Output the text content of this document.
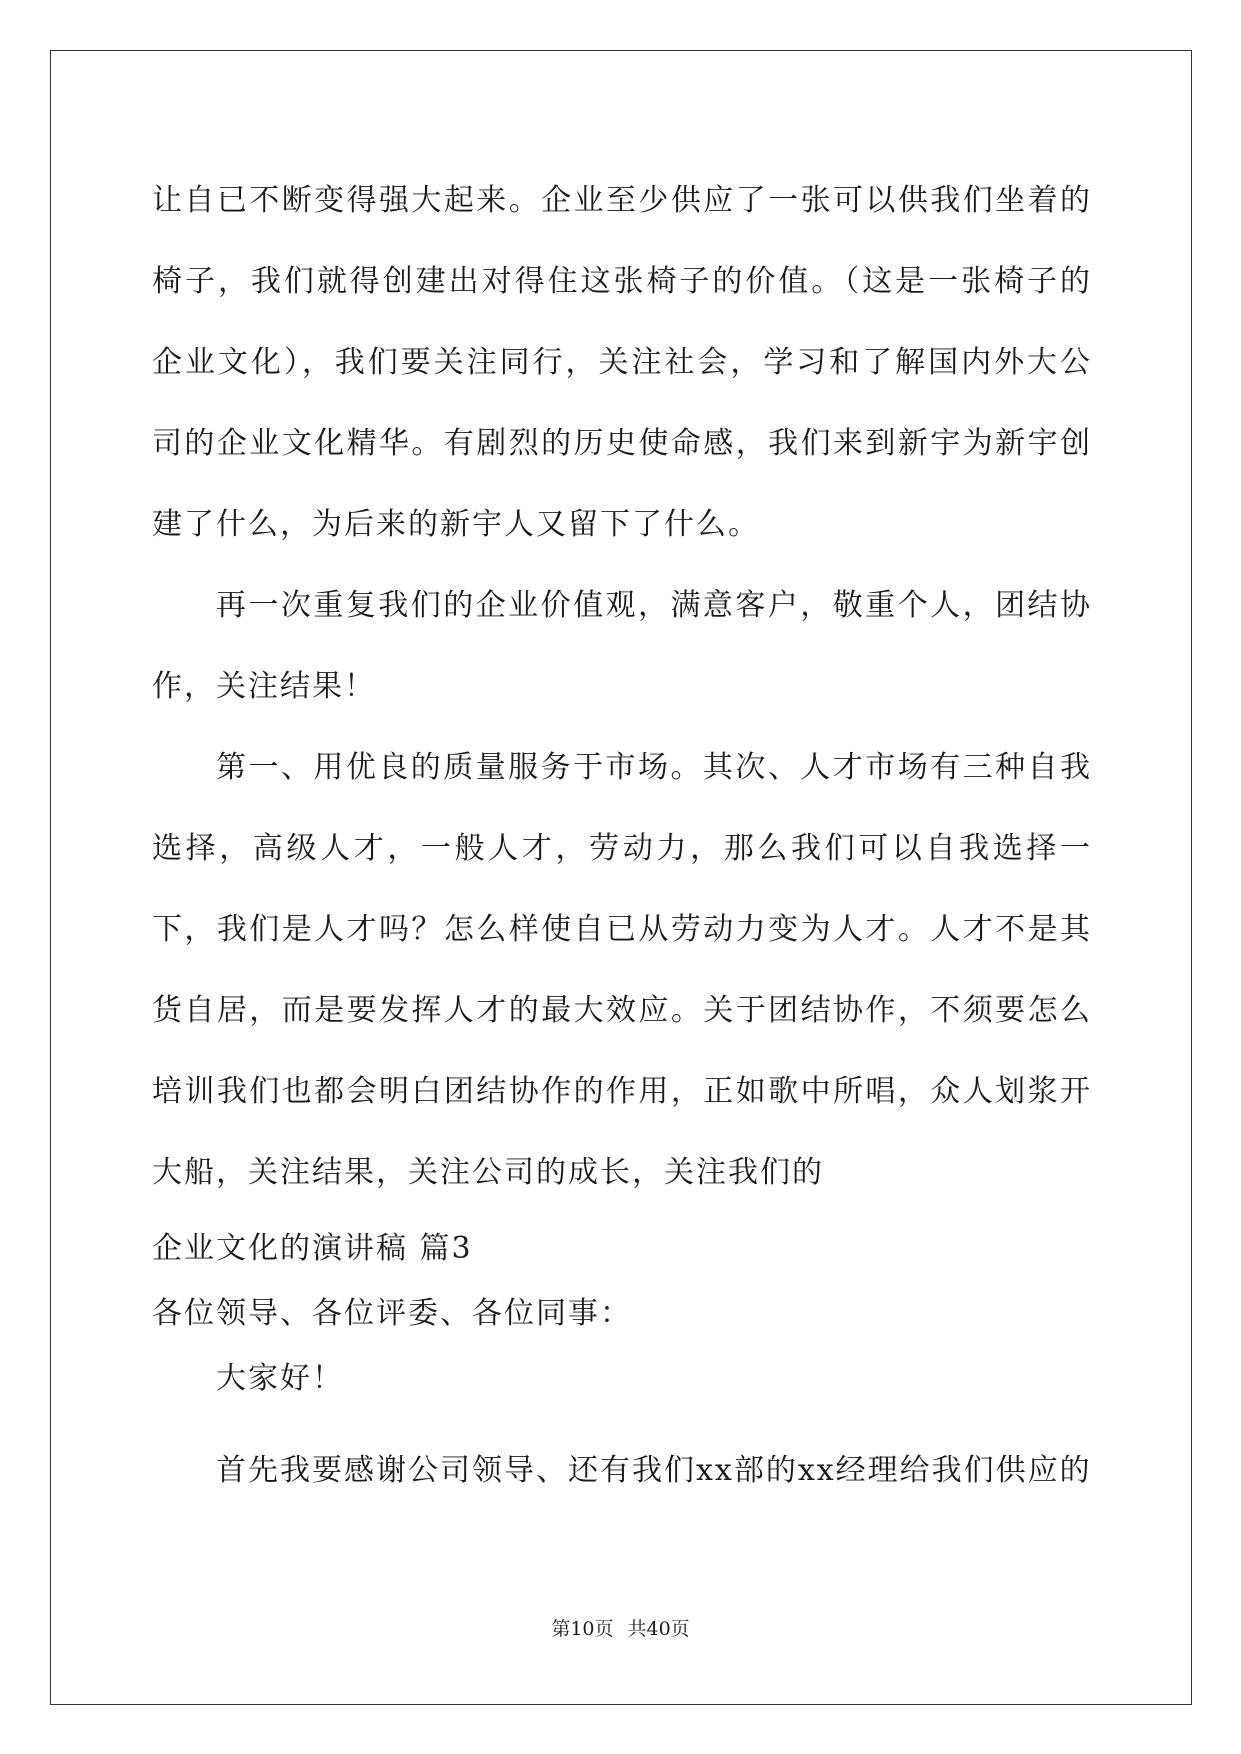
让自已不断变得强大起来。企业至少供应了一张可以供我们坐着的椅子，我们就得创建出对得住这张椅子的价值。（这是一张椅子的企业文化），我们要关注同行，关注社会，学习和了解国内外大公司的企业文化精华。有剧烈的历史使命感，我们来到新宇为新宇创建了什么，为后来的新宇人又留下了什么。

再一次重复我们的企业价值观，满意客户，敬重个人，团结协作，关注结果！

第一、用优良的质量服务于市场。其次、人才市场有三种自我选择，高级人才，一般人才，劳动力，那么我们可以自我选择一下，我们是人才吗？怎么样使自已从劳动力变为人才。人才不是其货自居，而是要发挥人才的最大效应。关于团结协作，不须要怎么培训我们也都会明白团结协作的作用，正如歌中所唱，众人划浆开大船，关注结果，关注公司的成长，关注我们的

企业文化的演讲稿 篇3

各位领导、各位评委、各位同事：

大家好！

首先我要感谢公司领导、还有我们xx部的xx经理给我们供应的

第10页 共40页
